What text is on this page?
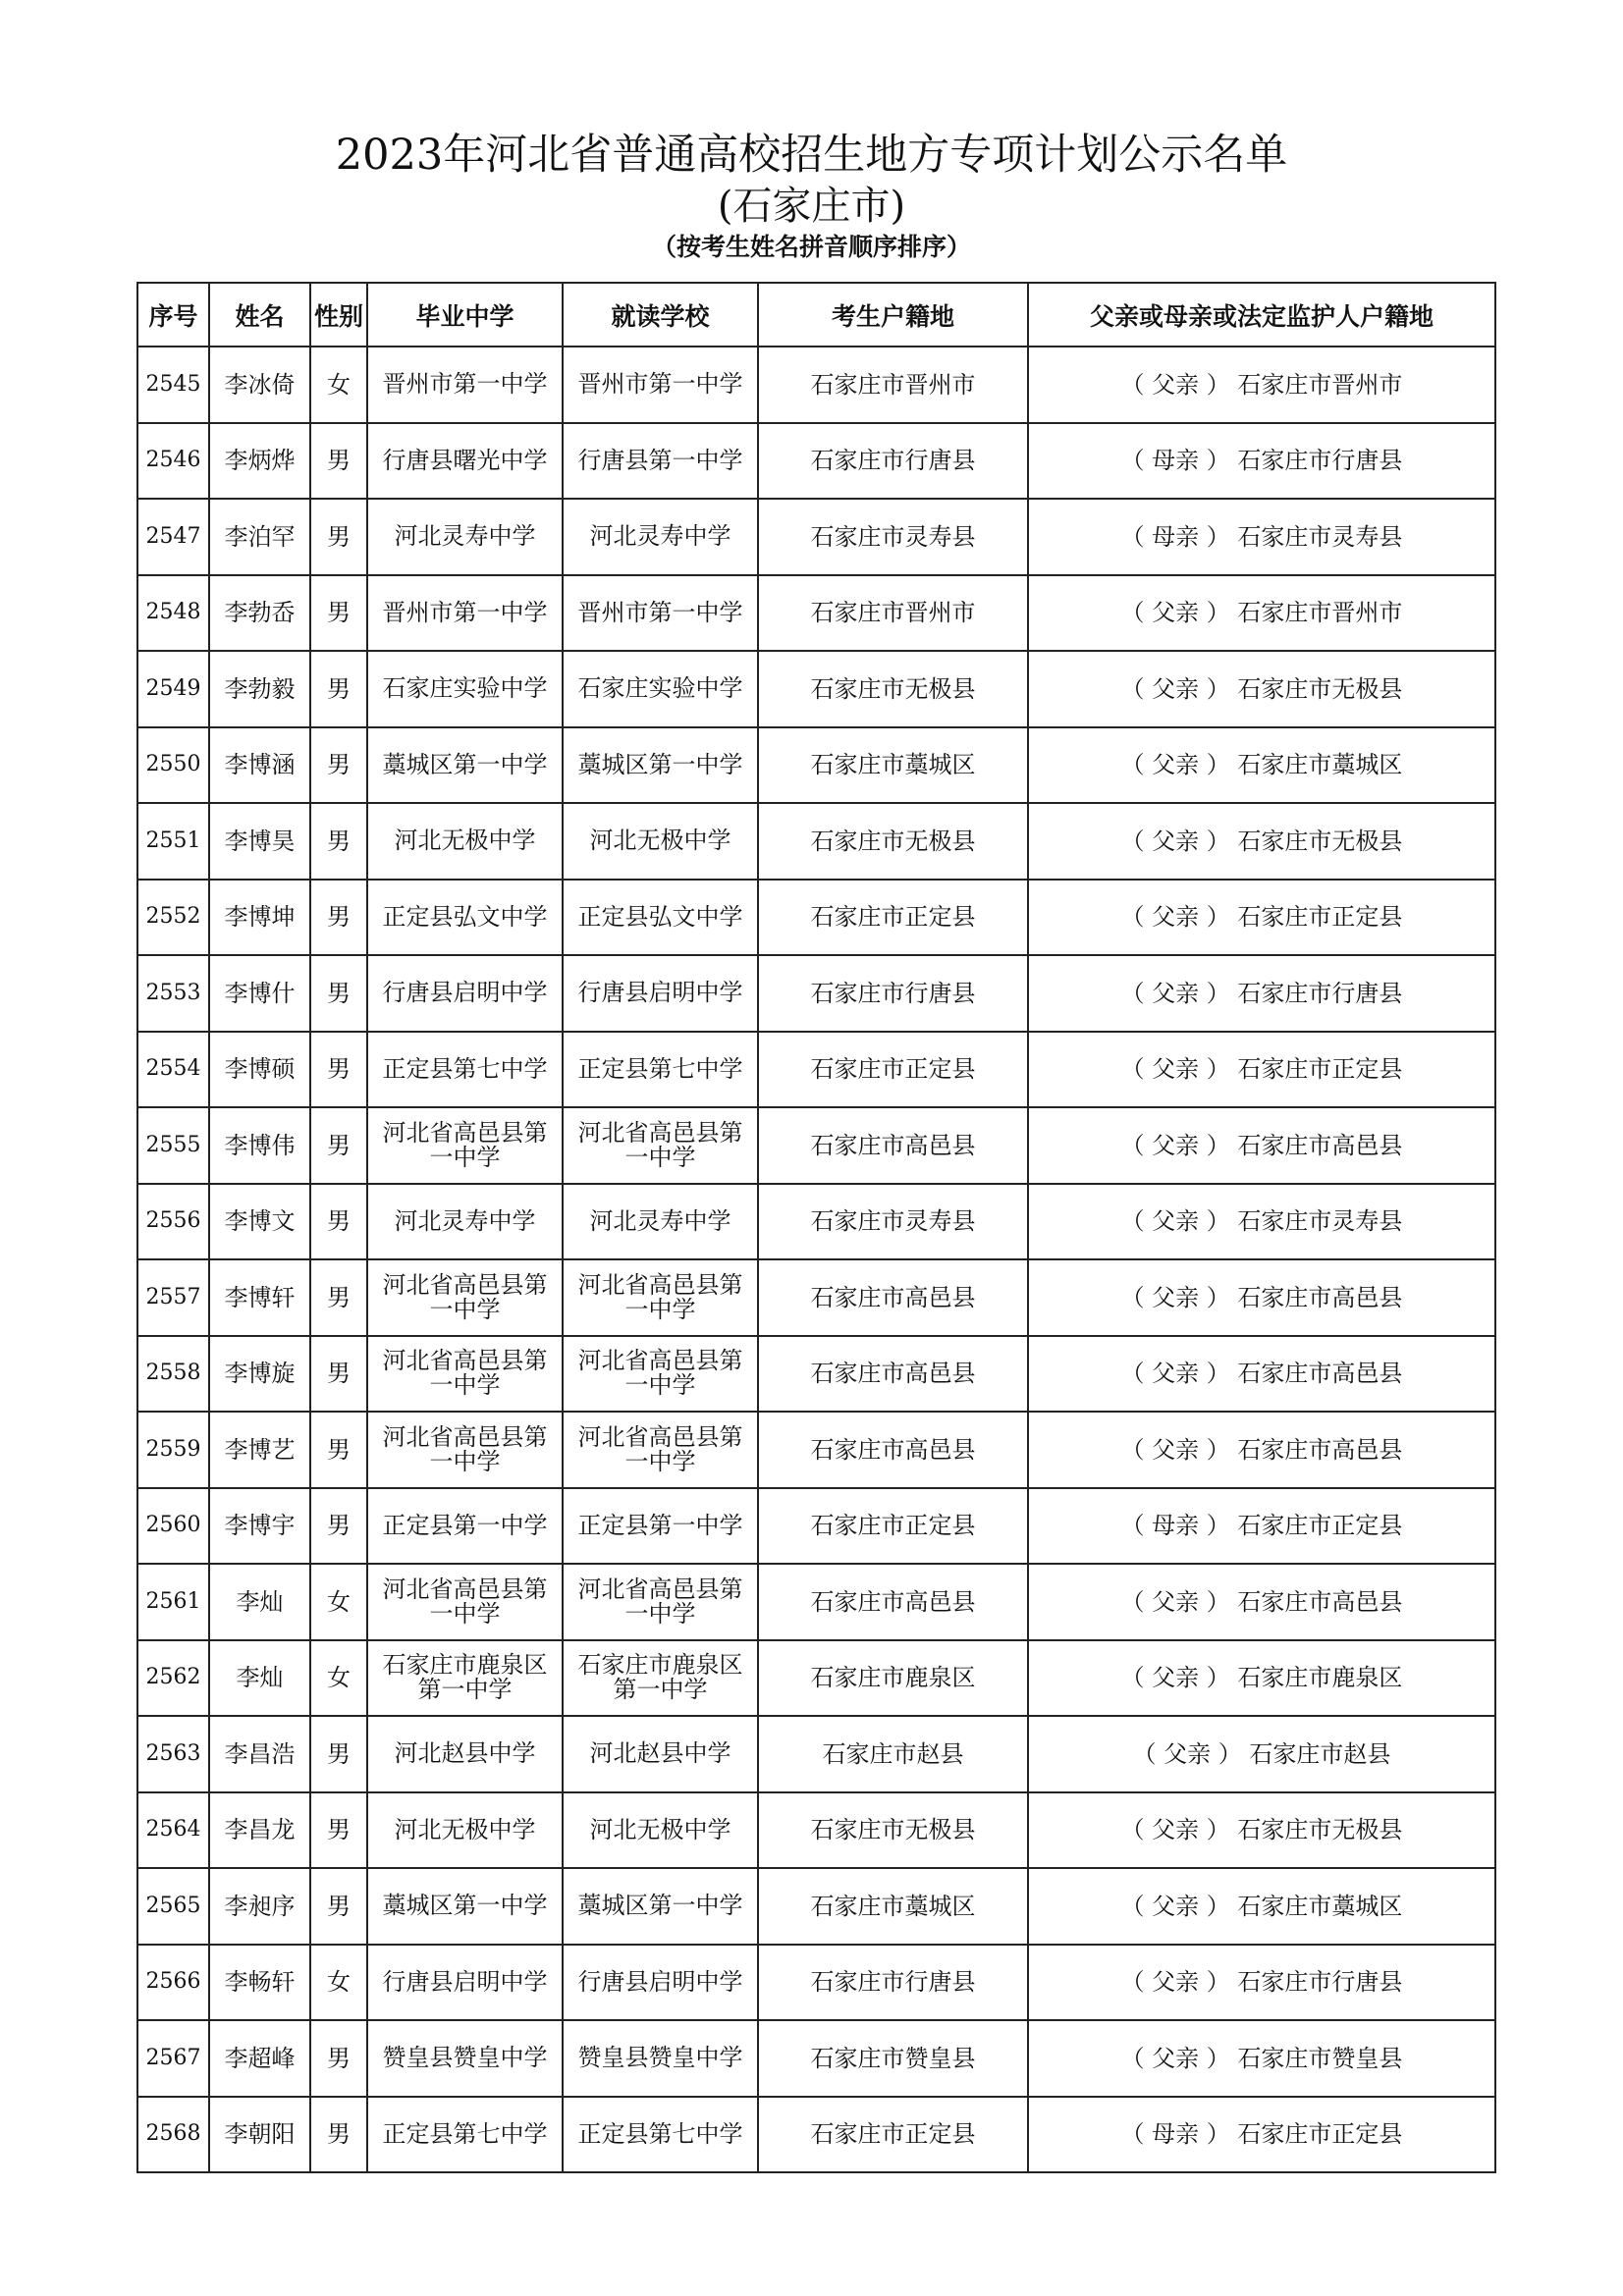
2023年河北省普通高校招生地方专项计划公示名单
(石家庄市)
（按考生姓名拼音顺序排序）
序号	姓名	性别	毕业中学	就读学校	考生户籍地	父亲或母亲或法定监护人户籍地
2545	李冰倚	女	晋州市第一中学	晋州市第一中学	石家庄市晋州市	（ 父亲 ） 石家庄市晋州市
2546	李炳烨	男	行唐县曙光中学	行唐县第一中学	石家庄市行唐县	（ 母亲 ） 石家庄市行唐县
2547	李泊罕	男	河北灵寿中学	河北灵寿中学	石家庄市灵寿县	（ 母亲 ） 石家庄市灵寿县
2548	李勃岙	男	晋州市第一中学	晋州市第一中学	石家庄市晋州市	（ 父亲 ） 石家庄市晋州市
2549	李勃毅	男	石家庄实验中学	石家庄实验中学	石家庄市无极县	（ 父亲 ） 石家庄市无极县
2550	李博涵	男	藁城区第一中学	藁城区第一中学	石家庄市藁城区	（ 父亲 ） 石家庄市藁城区
2551	李博昊	男	河北无极中学	河北无极中学	石家庄市无极县	（ 父亲 ） 石家庄市无极县
2552	李博坤	男	正定县弘文中学	正定县弘文中学	石家庄市正定县	（ 父亲 ） 石家庄市正定县
2553	李博什	男	行唐县启明中学	行唐县启明中学	石家庄市行唐县	（ 父亲 ） 石家庄市行唐县
2554	李博硕	男	正定县第七中学	正定县第七中学	石家庄市正定县	（ 父亲 ） 石家庄市正定县
2555	李博伟	男	河北省高邑县第一中学	河北省高邑县第一中学	石家庄市高邑县	（ 父亲 ） 石家庄市高邑县
2556	李博文	男	河北灵寿中学	河北灵寿中学	石家庄市灵寿县	（ 父亲 ） 石家庄市灵寿县
2557	李博轩	男	河北省高邑县第一中学	河北省高邑县第一中学	石家庄市高邑县	（ 父亲 ） 石家庄市高邑县
2558	李博旋	男	河北省高邑县第一中学	河北省高邑县第一中学	石家庄市高邑县	（ 父亲 ） 石家庄市高邑县
2559	李博艺	男	河北省高邑县第一中学	河北省高邑县第一中学	石家庄市高邑县	（ 父亲 ） 石家庄市高邑县
2560	李博宇	男	正定县第一中学	正定县第一中学	石家庄市正定县	（ 母亲 ） 石家庄市正定县
2561	李灿	女	河北省高邑县第一中学	河北省高邑县第一中学	石家庄市高邑县	（ 父亲 ） 石家庄市高邑县
2562	李灿	女	石家庄市鹿泉区第一中学	石家庄市鹿泉区第一中学	石家庄市鹿泉区	（ 父亲 ） 石家庄市鹿泉区
2563	李昌浩	男	河北赵县中学	河北赵县中学	石家庄市赵县	（ 父亲 ） 石家庄市赵县
2564	李昌龙	男	河北无极中学	河北无极中学	石家庄市无极县	（ 父亲 ） 石家庄市无极县
2565	李昶序	男	藁城区第一中学	藁城区第一中学	石家庄市藁城区	（ 父亲 ） 石家庄市藁城区
2566	李畅轩	女	行唐县启明中学	行唐县启明中学	石家庄市行唐县	（ 父亲 ） 石家庄市行唐县
2567	李超峰	男	赞皇县赞皇中学	赞皇县赞皇中学	石家庄市赞皇县	（ 父亲 ） 石家庄市赞皇县
2568	李朝阳	男	正定县第七中学	正定县第七中学	石家庄市正定县	（ 母亲 ） 石家庄市正定县
